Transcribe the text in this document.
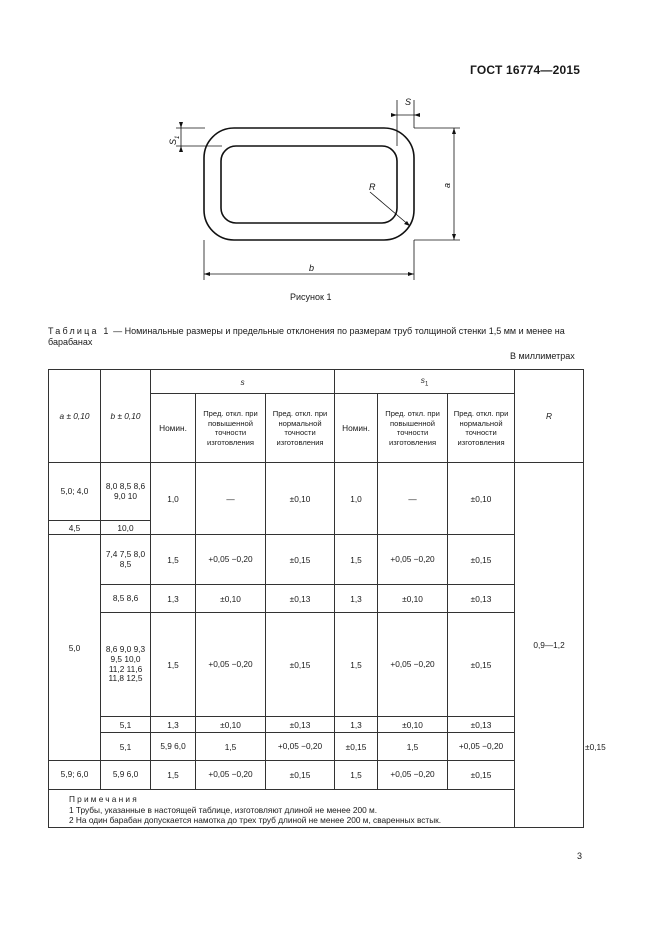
ГОСТ 16774—2015
S
S
1
R	a
b
Рисунок 1
Таблица 1 — Номинальные размеры и предельные отклонения по размерам труб толщиной стенки 1,5 мм и менее на барабанах
В миллиметрах
а ± 0,10	b ± 0,10	s			$s_1$			R	
		Номин.	Пред. откл. при повышенной точности изготовления	Пред. откл. при нормальной точности изготовления	Номин.	Пред. откл. при повышенной точности изготовления	Пред. откл. при нормальной точности изготовления		
5,0; 4,0	8,0 8,5 8,6 9,0 10	1,0	—	±0,10	1,0	—	±0,10	0,9—1,2	
4,5	10,0								
5,0	7,4 7,5 8,0 8,5	1,5	+0,05 −0,20	±0,15	1,5	+0,05 −0,20	±0,15		
	8,5 8,6	1,3	±0,10	±0,13	1,3	±0,10	±0,13		
	8,6 9,0 9,3 9,5 10,0 11,2 11,6 11,8 12,5	1,5	+0,05 −0,20	±0,15	1,5	+0,05 −0,20	±0,15		
	5,1	1,3	±0,10	±0,13	1,3	±0,10	±0,13		
	5,1	5,9 6,0	1,5	+0,05 −0,20	±0,15	1,5	+0,05 −0,20		±0,15
5,9; 6,0	5,9 6,0	1,5	+0,05 −0,20	±0,15	1,5	+0,05 −0,20	±0,15		

Примечания
1 Трубы, указанные в настоящей таблице, изготовляют длиной не менее 200 м.
2 На один барабан допускается намотка до трех труб длиной не менее 200 м, сваренных встык.									
3
